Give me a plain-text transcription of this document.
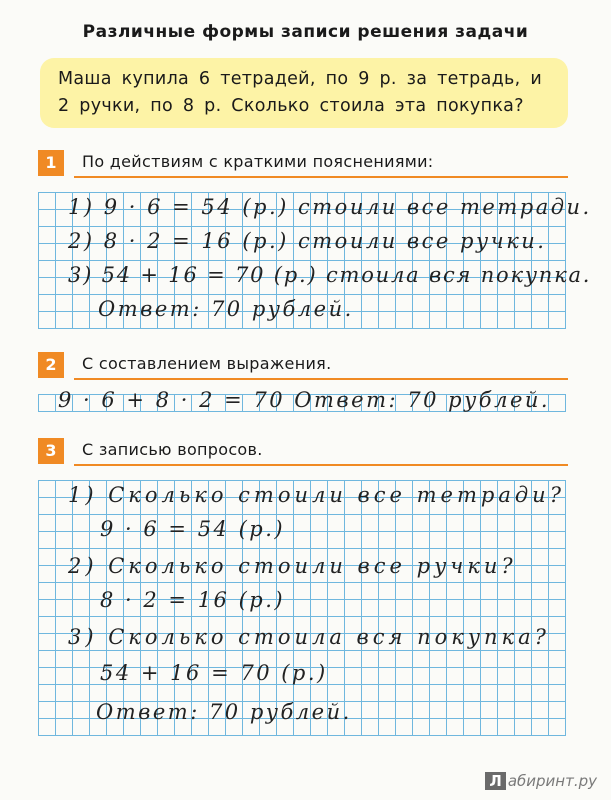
Различные формы записи решения задачи
Маша купила 6 тетрадей, по 9 р. за тетрадь, и
2 ручки, по 8 р. Сколько стоила эта покупка?
1	По действиям с краткими пояснениями:
1) 9 · 6 = 54 (р.) стоили все тетради.
2) 8 · 2 = 16 (р.) стоили все ручки.
3) 54 + 16 = 70 (р.) стоила вся покупка.
Ответ: 70 рублей.
2	С составлением выражения.
9 · 6 + 8 · 2 = 70 Ответ: 70 рублей.
3	С записью вопросов.
1) Сколько стоили все тетради?
9 · 6 = 54 (р.)
2) Сколько стоили все ручки?
8 · 2 = 16 (р.)
3) Сколько стоила вся покупка?
54 + 16 = 70 (р.)
Ответ: 70 рублей.
Л абиринт.ру
